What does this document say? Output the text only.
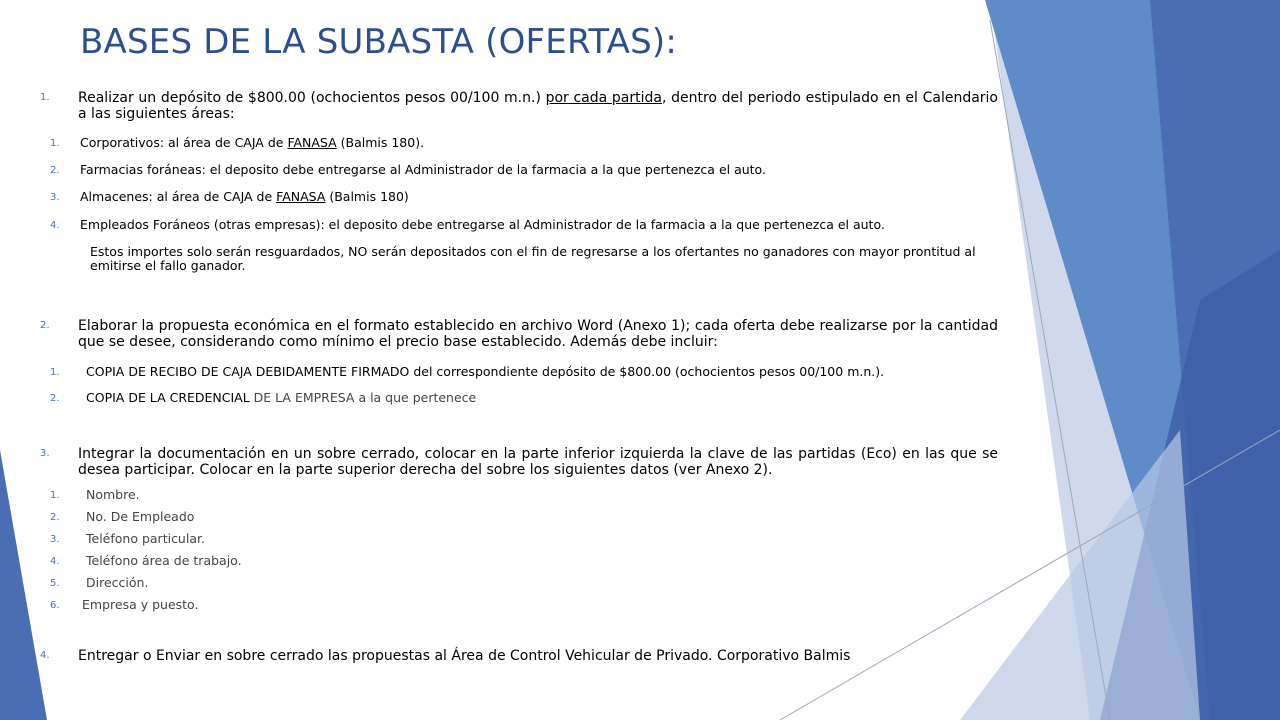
BASES DE LA SUBASTA (OFERTAS):
1. Realizar un depósito de $800.00 (ochocientos pesos 00/100 m.n.) por cada partida, dentro del periodo estipulado en el Calendario a las siguientes áreas:
1. Corporativos: al área de CAJA de FANASA (Balmis 180).
2. Farmacias foráneas: el deposito debe entregarse al Administrador de la farmacia a la que pertenezca el auto.
3. Almacenes: al área de CAJA de FANASA (Balmis 180)
4. Empleados Foráneos (otras empresas): el deposito debe entregarse al Administrador de la farmacia a la que pertenezca el auto.
Estos importes solo serán resguardados, NO serán depositados con el fin de regresarse a los ofertantes no ganadores con mayor prontitud al emitirse el fallo ganador.
2. Elaborar la propuesta económica en el formato establecido en archivo Word (Anexo 1); cada oferta debe realizarse por la cantidad que se desee, considerando como mínimo el precio base establecido. Además debe incluir:
1. COPIA DE RECIBO DE CAJA DEBIDAMENTE FIRMADO del correspondiente depósito de $800.00 (ochocientos pesos 00/100 m.n.).
2. COPIA DE LA CREDENCIAL DE LA EMPRESA a la que pertenece
3. Integrar la documentación en un sobre cerrado, colocar en la parte inferior izquierda la clave de las partidas (Eco) en las que se desea participar. Colocar en la parte superior derecha del sobre los siguientes datos (ver Anexo 2).
1. Nombre.
2. No. De Empleado
3. Teléfono particular.
4. Teléfono área de trabajo.
5. Dirección.
6. Empresa y puesto.
4. Entregar o Enviar en sobre cerrado las propuestas al Área de Control Vehicular de Privado. Corporativo Balmis
